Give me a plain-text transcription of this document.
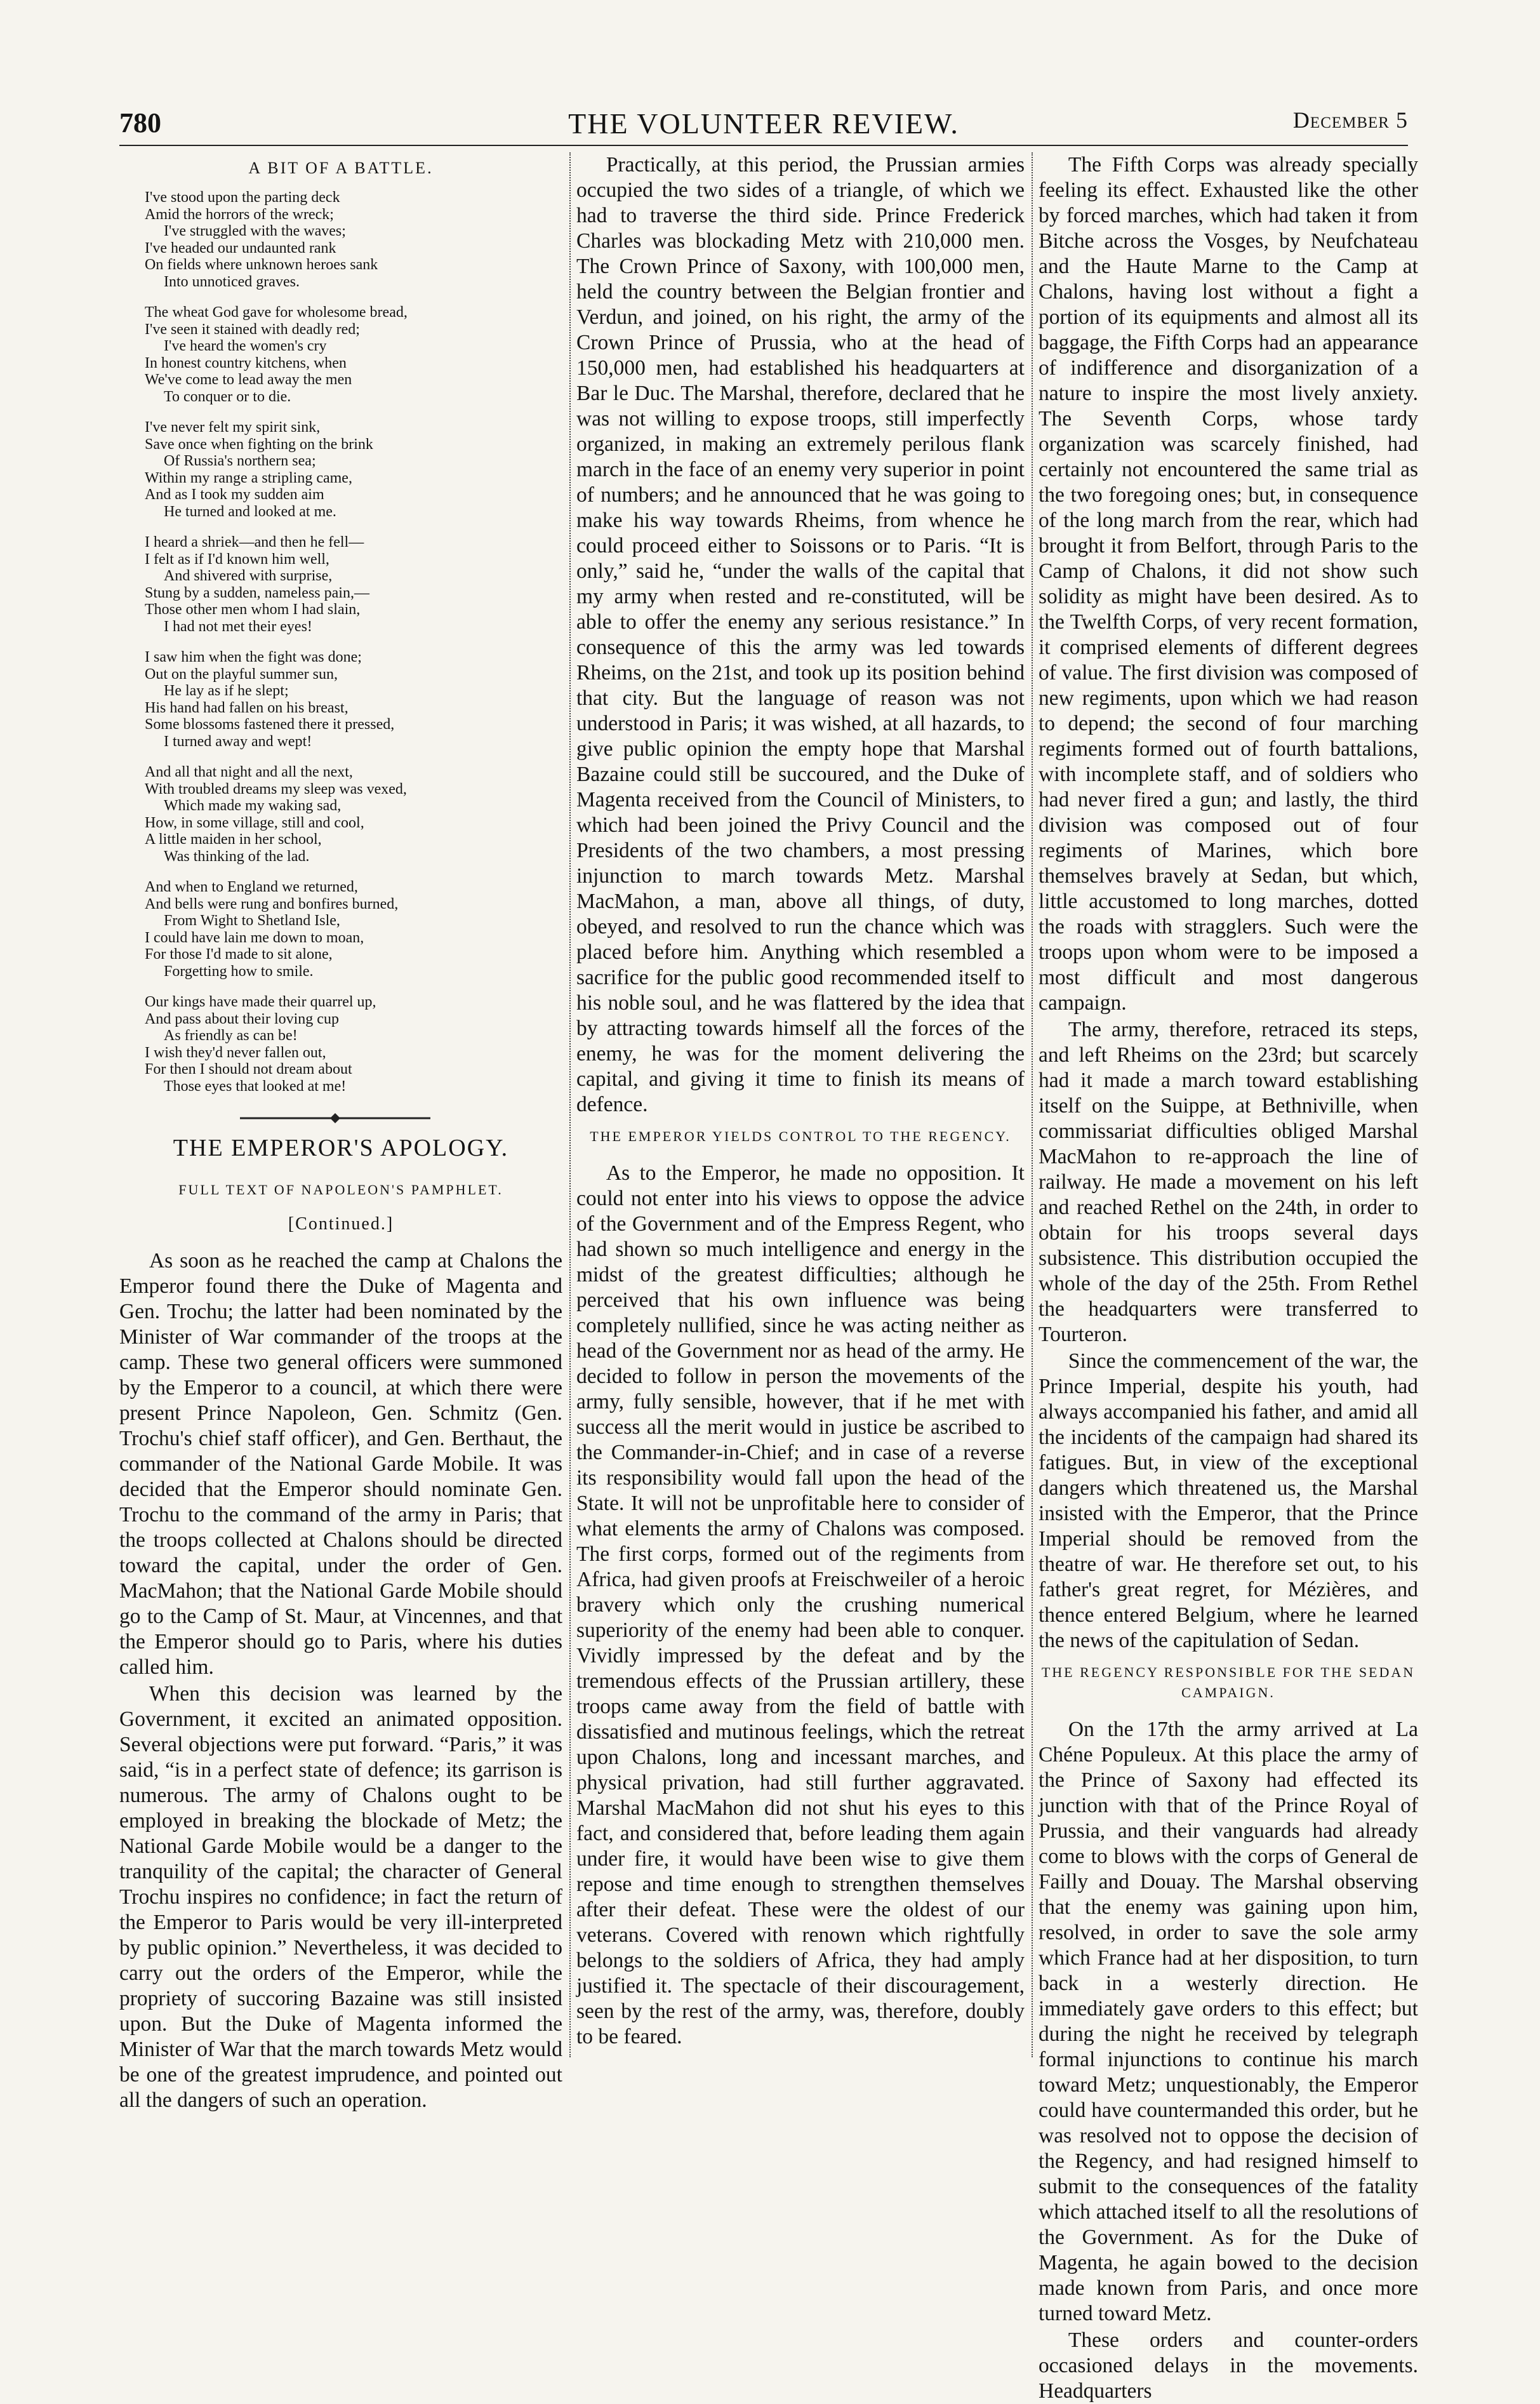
780	THE VOLUNTEER REVIEW.	December 5
A BIT OF A BATTLE.
I've stood upon the parting deck
Amid the horrors of the wreck;
I've struggled with the waves;
I've headed our undaunted rank
On fields where unknown heroes sank
Into unnoticed graves.
The wheat God gave for wholesome bread,
I've seen it stained with deadly red;
I've heard the women's cry
In honest country kitchens, when
We've come to lead away the men
To conquer or to die.
I've never felt my spirit sink,
Save once when fighting on the brink
Of Russia's northern sea;
Within my range a stripling came,
And as I took my sudden aim
He turned and looked at me.
I heard a shriek—and then he fell—
I felt as if I'd known him well,
And shivered with surprise,
Stung by a sudden, nameless pain,—
Those other men whom I had slain,
I had not met their eyes!
I saw him when the fight was done;
Out on the playful summer sun,
He lay as if he slept;
His hand had fallen on his breast,
Some blossoms fastened there it pressed,
I turned away and wept!
And all that night and all the next,
With troubled dreams my sleep was vexed,
Which made my waking sad,
How, in some village, still and cool,
A little maiden in her school,
Was thinking of the lad.
And when to England we returned,
And bells were rung and bonfires burned,
From Wight to Shetland Isle,
I could have lain me down to moan,
For those I'd made to sit alone,
Forgetting how to smile.
Our kings have made their quarrel up,
And pass about their loving cup
As friendly as can be!
I wish they'd never fallen out,
For then I should not dream about
Those eyes that looked at me!
THE EMPEROR'S APOLOGY.
FULL TEXT OF NAPOLEON'S PAMPHLET.
[Continued.]

As soon as he reached the camp at Chalons the Emperor found there the Duke of Magenta and Gen. Trochu; the latter had been nominated by the Minister of War commander of the troops at the camp. These two general officers were summoned by the Emperor to a council, at which there were present Prince Napoleon, Gen. Schmitz (Gen. Trochu's chief staff officer), and Gen. Berthaut, the commander of the National Garde Mobile. It was decided that the Emperor should nominate Gen. Trochu to the command of the army in Paris; that the troops collected at Chalons should be directed toward the capital, under the order of Gen. MacMahon; that the National Garde Mobile should go to the Camp of St. Maur, at Vincennes, and that the Emperor should go to Paris, where his duties called him.

When this decision was learned by the Government, it excited an animated opposition. Several objections were put forward. “Paris,” it was said, “is in a perfect state of defence; its garrison is numerous. The army of Chalons ought to be employed in breaking the blockade of Metz; the National Garde Mobile would be a danger to the tranquility of the capital; the character of General Trochu inspires no confidence; in fact the return of the Emperor to Paris would be very ill-interpreted by public opinion.” Nevertheless, it was decided to carry out the orders of the Emperor, while the propriety of succoring Bazaine was still insisted upon. But the Duke of Magenta informed the Minister of War that the march towards Metz would be one of the greatest imprudence, and pointed out all the dangers of such an operation.

Practically, at this period, the Prussian armies occupied the two sides of a triangle, of which we had to traverse the third side. Prince Frederick Charles was blockading Metz with 210,000 men. The Crown Prince of Saxony, with 100,000 men, held the country between the Belgian frontier and Verdun, and joined, on his right, the army of the Crown Prince of Prussia, who at the head of 150,000 men, had established his headquarters at Bar le Duc. The Marshal, therefore, declared that he was not willing to expose troops, still imperfectly organized, in making an extremely perilous flank march in the face of an enemy very superior in point of numbers; and he announced that he was going to make his way towards Rheims, from whence he could proceed either to Soissons or to Paris. “It is only,” said he, “under the walls of the capital that my army when rested and re-constituted, will be able to offer the enemy any serious resistance.” In consequence of this the army was led towards Rheims, on the 21st, and took up its position behind that city. But the language of reason was not understood in Paris; it was wished, at all hazards, to give public opinion the empty hope that Marshal Bazaine could still be succoured, and the Duke of Magenta received from the Council of Ministers, to which had been joined the Privy Council and the Presidents of the two chambers, a most pressing injunction to march towards Metz. Marshal MacMahon, a man, above all things, of duty, obeyed, and resolved to run the chance which was placed before him. Anything which resembled a sacrifice for the public good recommended itself to his noble soul, and he was flattered by the idea that by attracting towards himself all the forces of the enemy, he was for the moment delivering the capital, and giving it time to finish its means of defence.

THE EMPEROR YIELDS CONTROL TO THE REGENCY.

As to the Emperor, he made no opposition. It could not enter into his views to oppose the advice of the Government and of the Empress Regent, who had shown so much intelligence and energy in the midst of the greatest difficulties; although he perceived that his own influence was being completely nullified, since he was acting neither as head of the Government nor as head of the army. He decided to follow in person the movements of the army, fully sensible, however, that if he met with success all the merit would in justice be ascribed to the Commander-in-Chief; and in case of a reverse its responsibility would fall upon the head of the State. It will not be unprofitable here to consider of what elements the army of Chalons was composed. The first corps, formed out of the regiments from Africa, had given proofs at Freischweiler of a heroic bravery which only the crushing numerical superiority of the enemy had been able to conquer. Vividly impressed by the defeat and by the tremendous effects of the Prussian artillery, these troops came away from the field of battle with dissatisfied and mutinous feelings, which the retreat upon Chalons, long and incessant marches, and physical privation, had still further aggravated. Marshal MacMahon did not shut his eyes to this fact, and considered that, before leading them again under fire, it would have been wise to give them repose and time enough to strengthen themselves after their defeat. These were the oldest of our veterans. Covered with renown which rightfully belongs to the soldiers of Africa, they had amply justified it. The spectacle of their discouragement, seen by the rest of the army, was, therefore, doubly to be feared.

The Fifth Corps was already specially feeling its effect. Exhausted like the other by forced marches, which had taken it from Bitche across the Vosges, by Neufchateau and the Haute Marne to the Camp at Chalons, having lost without a fight a portion of its equipments and almost all its baggage, the Fifth Corps had an appearance of indifference and disorganization of a nature to inspire the most lively anxiety. The Seventh Corps, whose tardy organization was scarcely finished, had certainly not encountered the same trial as the two foregoing ones; but, in consequence of the long march from the rear, which had brought it from Belfort, through Paris to the Camp of Chalons, it did not show such solidity as might have been desired. As to the Twelfth Corps, of very recent formation, it comprised elements of different degrees of value. The first division was composed of new regiments, upon which we had reason to depend; the second of four marching regiments formed out of fourth battalions, with incomplete staff, and of soldiers who had never fired a gun; and lastly, the third division was composed out of four regiments of Marines, which bore themselves bravely at Sedan, but which, little accustomed to long marches, dotted the roads with stragglers. Such were the troops upon whom were to be imposed a most difficult and most dangerous campaign.

The army, therefore, retraced its steps, and left Rheims on the 23rd; but scarcely had it made a march toward establishing itself on the Suippe, at Bethniville, when commissariat difficulties obliged Marshal MacMahon to re-approach the line of railway. He made a movement on his left and reached Rethel on the 24th, in order to obtain for his troops several days subsistence. This distribution occupied the whole of the day of the 25th. From Rethel the headquarters were transferred to Tourteron.

Since the commencement of the war, the Prince Imperial, despite his youth, had always accompanied his father, and amid all the incidents of the campaign had shared its fatigues. But, in view of the exceptional dangers which threatened us, the Marshal insisted with the Emperor, that the Prince Imperial should be removed from the theatre of war. He therefore set out, to his father's great regret, for Mézières, and thence entered Belgium, where he learned the news of the capitulation of Sedan.

THE REGENCY RESPONSIBLE FOR THE SEDAN CAMPAIGN.

On the 17th the army arrived at La Chéne Populeux. At this place the army of the Prince of Saxony had effected its junction with that of the Prince Royal of Prussia, and their vanguards had already come to blows with the corps of General de Failly and Douay. The Marshal observing that the enemy was gaining upon him, resolved, in order to save the sole army which France had at her disposition, to turn back in a westerly direction. He immediately gave orders to this effect; but during the night he received by telegraph formal injunctions to continue his march toward Metz; unquestionably, the Emperor could have countermanded this order, but he was resolved not to oppose the decision of the Regency, and had resigned himself to submit to the consequences of the fatality which attached itself to all the resolutions of the Government. As for the Duke of Magenta, he again bowed to the decision made known from Paris, and once more turned toward Metz.

These orders and counter-orders occasioned delays in the movements. Headquarters
